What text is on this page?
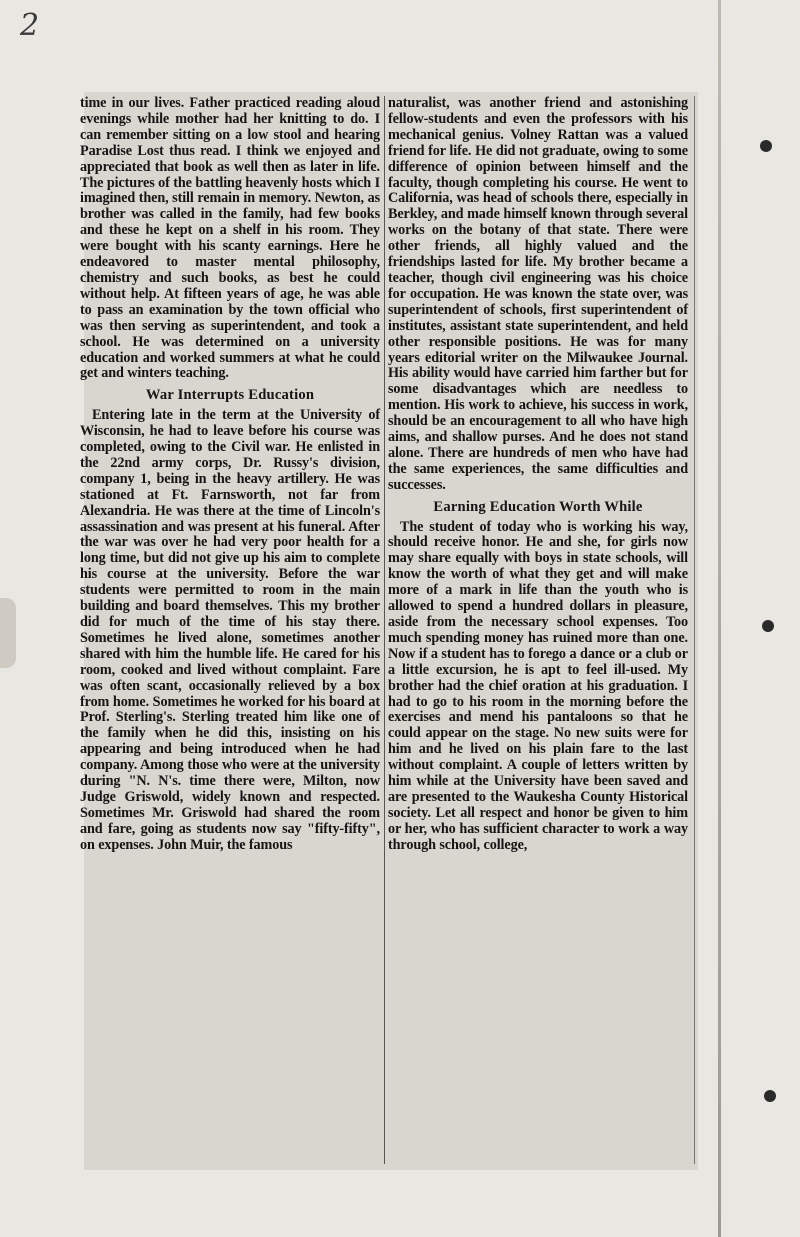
2

time in our lives. Father practiced reading aloud evenings while mother had her knitting to do. I can remember sitting on a low stool and hearing Paradise Lost thus read. I think we enjoyed and appreciated that book as well then as later in life. The pictures of the battling heavenly hosts which I imagined then, still remain in memory. Newton, as brother was called in the family, had few books and these he kept on a shelf in his room. They were bought with his scanty earnings. Here he endeavored to master mental philosophy, chemistry and such books, as best he could without help. At fifteen years of age, he was able to pass an examination by the town official who was then serving as superintendent, and took a school. He was determined on a university education and worked summers at what he could get and winters teaching.

War Interrupts Education

Entering late in the term at the University of Wisconsin, he had to leave before his course was completed, owing to the Civil war. He enlisted in the 22nd army corps, Dr. Russy's division, company 1, being in the heavy artillery. He was stationed at Ft. Farnsworth, not far from Alexandria. He was there at the time of Lincoln's assassination and was present at his funeral. After the war was over he had very poor health for a long time, but did not give up his aim to complete his course at the university. Before the war students were permitted to room in the main building and board themselves. This my brother did for much of the time of his stay there. Sometimes he lived alone, sometimes another shared with him the humble life. He cared for his room, cooked and lived without complaint. Fare was often scant, occasionally relieved by a box from home. Sometimes he worked for his board at Prof. Sterling's. Sterling treated him like one of the family when he did this, insisting on his appearing and being introduced when he had company. Among those who were at the university during "N. N's. time there were, Milton, now Judge Griswold, widely known and respected. Sometimes Mr. Griswold had shared the room and fare, going as students now say "fifty-fifty", on expenses. John Muir, the famous

naturalist, was another friend and astonishing fellow-students and even the professors with his mechanical genius. Volney Rattan was a valued friend for life. He did not graduate, owing to some difference of opinion between himself and the faculty, though completing his course. He went to California, was head of schools there, especially in Berkley, and made himself known through several works on the botany of that state. There were other friends, all highly valued and the friendships lasted for life. My brother became a teacher, though civil engineering was his choice for occupation. He was known the state over, was superintendent of schools, first superintendent of institutes, assistant state superintendent, and held other responsible positions. He was for many years editorial writer on the Milwaukee Journal. His ability would have carried him farther but for some disadvantages which are needless to mention. His work to achieve, his success in work, should be an encouragement to all who have high aims, and shallow purses. And he does not stand alone. There are hundreds of men who have had the same experiences, the same difficulties and successes.

Earning Education Worth While

The student of today who is working his way, should receive honor. He and she, for girls now may share equally with boys in state schools, will know the worth of what they get and will make more of a mark in life than the youth who is allowed to spend a hundred dollars in pleasure, aside from the necessary school expenses. Too much spending money has ruined more than one. Now if a student has to forego a dance or a club or a little excursion, he is apt to feel ill-used. My brother had the chief oration at his graduation. I had to go to his room in the morning before the exercises and mend his pantaloons so that he could appear on the stage. No new suits were for him and he lived on his plain fare to the last without complaint. A couple of letters written by him while at the University have been saved and are presented to the Waukesha County Historical society. Let all respect and honor be given to him or her, who has sufficient character to work a way through school, college,
